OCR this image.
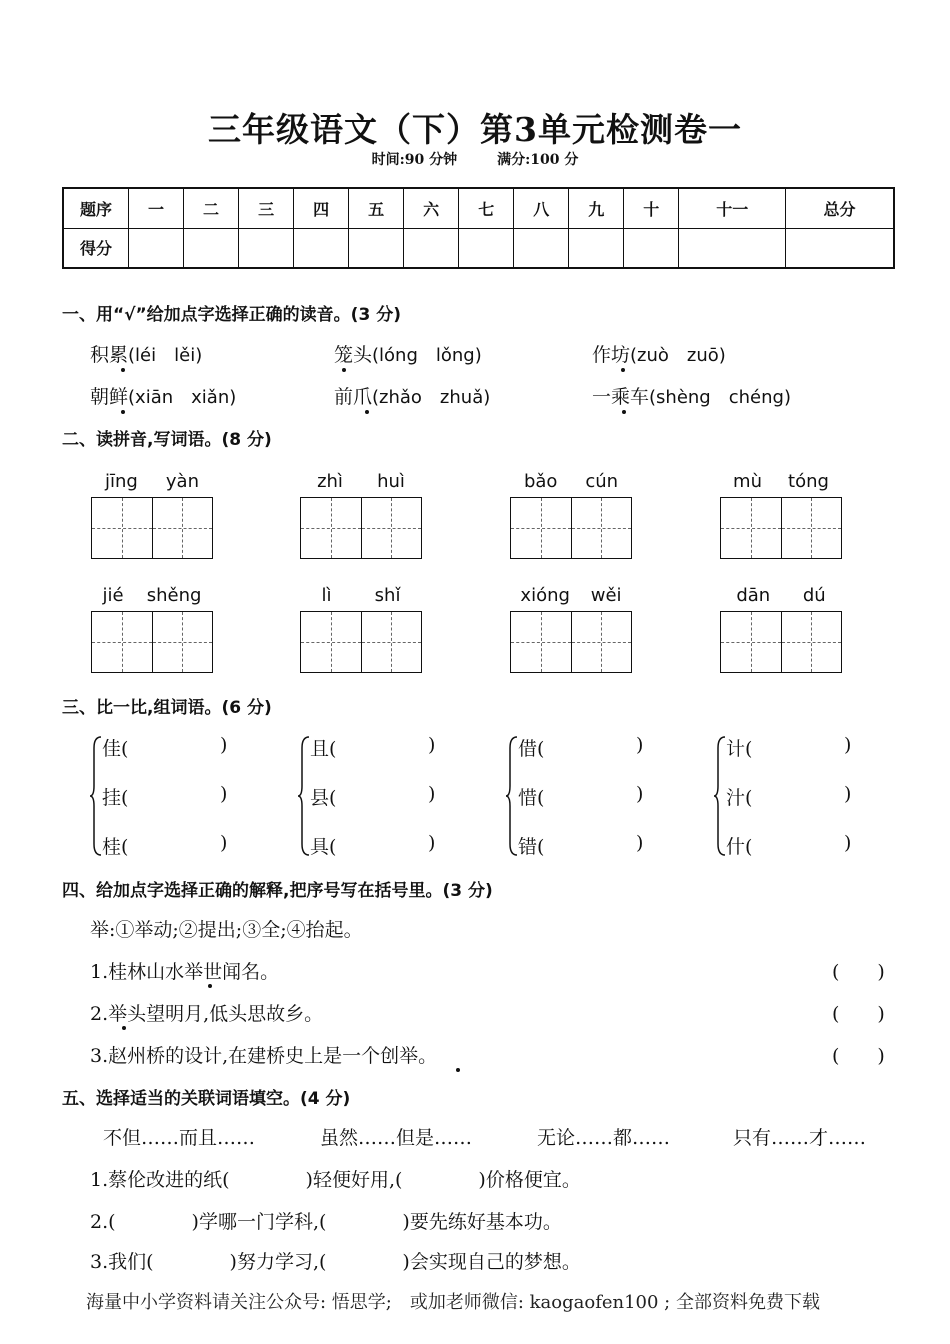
三年级语文（下）第3单元检测卷一
时间:90 分钟	满分:100 分
题序	一	二	三	四	五	六	七	八	九	十	十一	总分
得分												
一、用“√”给加点字选择正确的读音。(3 分)
积累(léi　lěi)	笼头(lóng　lǒng)	作坊(zuò　zuō)
朝鲜(xiān　xiǎn)	前爪(zhǎo　zhuǎ)	一乘车(shèng　chéng)
二、读拼音,写词语。(8 分)
jīng yàn	zhì huì	bǎo cún	mù tóng
jié shěng	lì shǐ	xióng wěi	dān dú
三、比一比,组词语。(6 分)
佳(	)
挂(	)
桂(	)
且(	)
县(	)
具(	)
借(	)
惜(	)
错(	)
计(	)
汁(	)
什(	)
四、给加点字选择正确的解释,把序号写在括号里。(3 分)
举:①举动;②提出;③全;④抬起。
1.桂林山水举世闻名。	(　　)
2.举头望明月,低头思故乡。	(　　)
3.赵州桥的设计,在建桥史上是一个创举。	(　　)
五、选择适当的关联词语填空。(4 分)
不但……而且……	虽然……但是……	无论……都……	只有……才……
1.蔡伦改进的纸(　　　　)轻便好用,(　　　　)价格便宜。
2.(　　　　)学哪一门学科,(　　　　)要先练好基本功。
3.我们(　　　　)努力学习,(　　　　)会实现自己的梦想。
海量中小学资料请关注公众号: 悟思学;　或加老师微信: kaogaofen100 ; 全部资料免费下载
